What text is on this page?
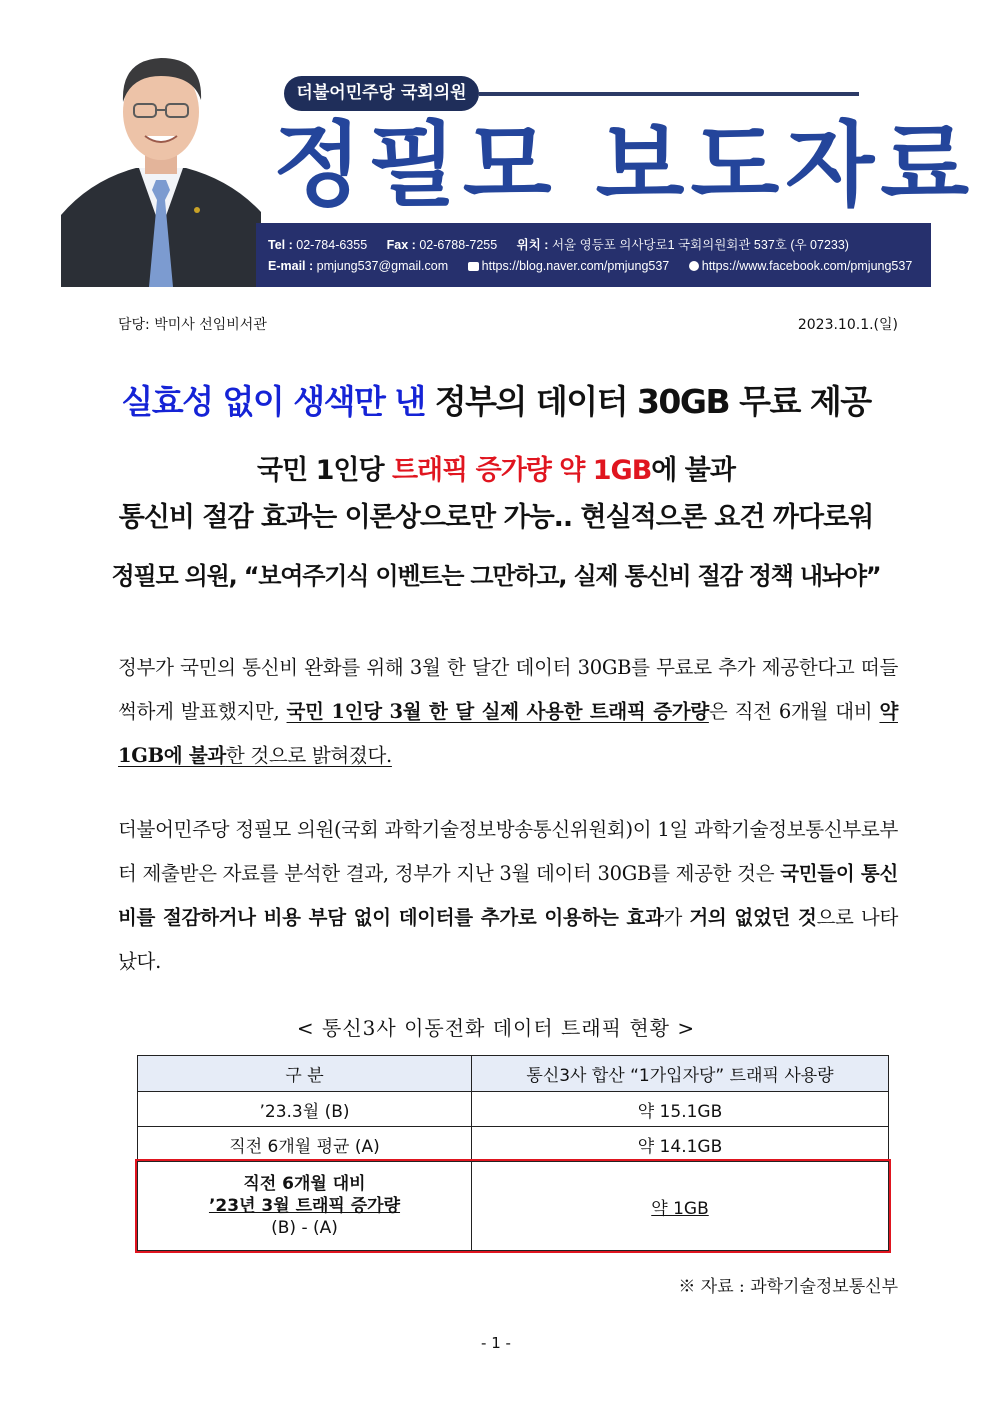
더불어민주당 국회의원
정필모 보도자료
Tel : 02-784-6355 Fax : 02-6788-7255 위치 : 서울 영등포 의사당로1 국회의원회관 537호 (우 07233)
E-mail : pmjung537@gmail.com	https://blog.naver.com/pmjung537	https://www.facebook.com/pmjung537
담당: 박미사 선임비서관	2023.10.1.(일)
실효성 없이 생색만 낸 정부의 데이터 30GB 무료 제공
국민 1인당 트래픽 증가량 약 1GB에 불과
통신비 절감 효과는 이론상으로만 가능.. 현실적으론 요건 까다로워
정필모 의원, “보여주기식 이벤트는 그만하고, 실제 통신비 절감 정책 내놔야”
정부가 국민의 통신비 완화를 위해 3월 한 달간 데이터 30GB를 무료로 추가 제공한다고 떠들썩하게 발표했지만, 국민 1인당 3월 한 달 실제 사용한 트래픽 증가량은 직전 6개월 대비 약 1GB에 불과한 것으로 밝혀졌다.
더불어민주당 정필모 의원(국회 과학기술정보방송통신위원회)이 1일 과학기술정보통신부로부터 제출받은 자료를 분석한 결과, 정부가 지난 3월 데이터 30GB를 제공한 것은 국민들이 통신비를 절감하거나 비용 부담 없이 데이터를 추가로 이용하는 효과가 거의 없었던 것으로 나타났다.
< 통신3사 이동전화 데이터 트래픽 현황 >
구 분	통신3사 합산 “1가입자당” 트래픽 사용량
’23.3월 (B)	약 15.1GB
직전 6개월 평균 (A)	약 14.1GB

직전 6개월 대비
’23년 3월 트래픽 증가량
(B) - (A)	약 1GB
※ 자료 : 과학기술정보통신부
- 1 -
